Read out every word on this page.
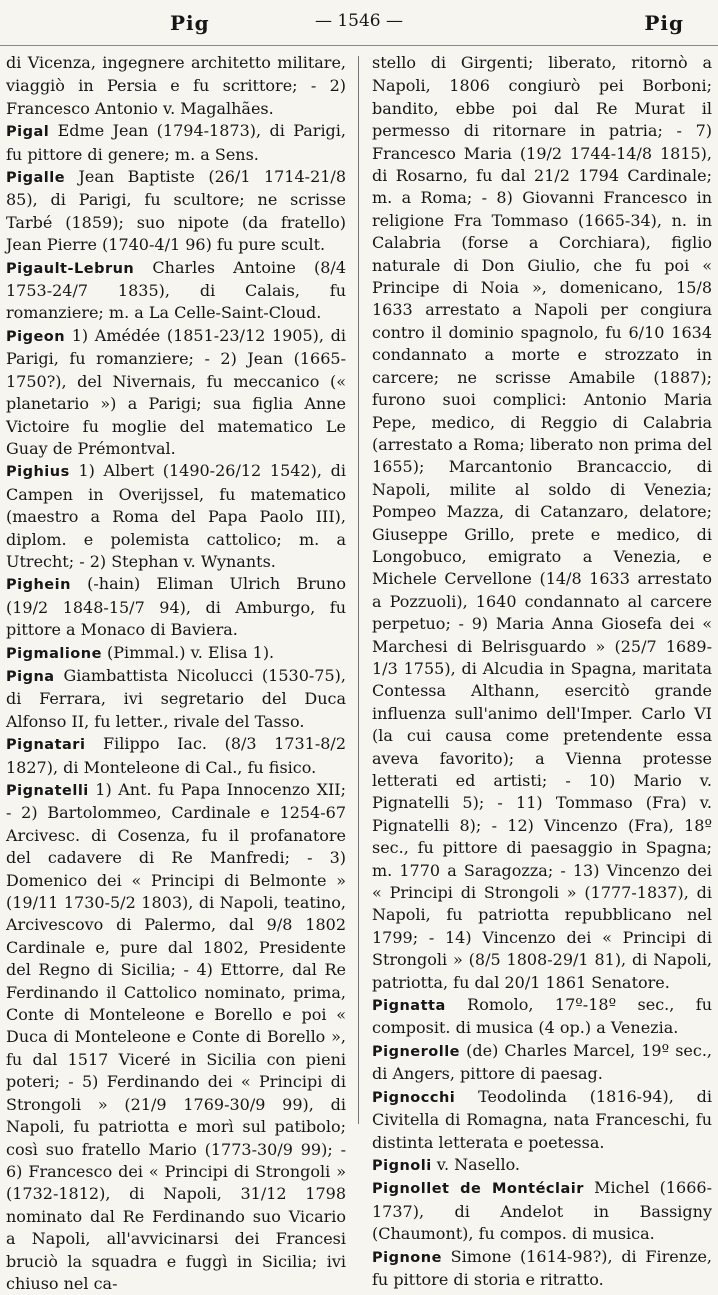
Pig	— 1546 —	Pig

di Vicenza, ingegnere architetto militare, viaggiò in Persia e fu scrittore; - 2) Francesco Antonio v. Magalhães.

Pigal Edme Jean (1794-1873), di Parigi, fu pittore di genere; m. a Sens.

Pigalle Jean Baptiste (26/1 1714-21/8 85), di Parigi, fu scultore; ne scrisse Tarbé (1859); suo nipote (da fratello) Jean Pierre (1740-4/1 96) fu pure scult.

Pigault-Lebrun Charles Antoine (8/4 1753-24/7 1835), di Calais, fu romanziere; m. a La Celle-Saint-Cloud.

Pigeon 1) Amédée (1851-23/12 1905), di Parigi, fu romanziere; - 2) Jean (1665-1750?), del Nivernais, fu meccanico (« planetario ») a Parigi; sua figlia Anne Victoire fu moglie del matematico Le Guay de Prémontval.

Pighius 1) Albert (1490-26/12 1542), di Campen in Overijssel, fu matematico (maestro a Roma del Papa Paolo III), diplom. e polemista cattolico; m. a Utrecht; - 2) Stephan v. Wynants.

Pighein (-hain) Eliman Ulrich Bruno (19/2 1848-15/7 94), di Amburgo, fu pittore a Monaco di Baviera.

Pigmalione (Pimmal.) v. Elisa 1).

Pigna Giambattista Nicolucci (1530-75), di Ferrara, ivi segretario del Duca Alfonso II, fu letter., rivale del Tasso.

Pignatari Filippo Iac. (8/3 1731-8/2 1827), di Monteleone di Cal., fu fisico.

Pignatelli 1) Ant. fu Papa Innocenzo XII; - 2) Bartolommeo, Cardinale e 1254-67 Arcivesc. di Cosenza, fu il profanatore del cadavere di Re Manfredi; - 3) Domenico dei « Principi di Belmonte » (19/11 1730-5/2 1803), di Napoli, teatino, Arcivescovo di Palermo, dal 9/8 1802 Cardinale e, pure dal 1802, Presidente del Regno di Sicilia; - 4) Ettorre, dal Re Ferdinando il Cattolico nominato, prima, Conte di Monteleone e Borello e poi « Duca di Monteleone e Conte di Borello », fu dal 1517 Viceré in Sicilia con pieni poteri; - 5) Ferdinando dei « Principi di Strongoli » (21/9 1769-30/9 99), di Napoli, fu patriotta e morì sul patibolo; così suo fratello Mario (1773-30/9 99); - 6) Francesco dei « Principi di Strongoli » (1732-1812), di Napoli, 31/12 1798 nominato dal Re Ferdinando suo Vicario a Napoli, all'avvicinarsi dei Francesi bruciò la squadra e fuggì in Sicilia; ivi chiuso nel ca-

stello di Girgenti; liberato, ritornò a Napoli, 1806 congiurò pei Borboni; bandito, ebbe poi dal Re Murat il permesso di ritornare in patria; - 7) Francesco Maria (19/2 1744-14/8 1815), di Rosarno, fu dal 21/2 1794 Cardinale; m. a Roma; - 8) Giovanni Francesco in religione Fra Tommaso (1665-34), n. in Calabria (forse a Corchiara), figlio naturale di Don Giulio, che fu poi « Principe di Noia », domenicano, 15/8 1633 arrestato a Napoli per congiura contro il dominio spagnolo, fu 6/10 1634 condannato a morte e strozzato in carcere; ne scrisse Amabile (1887); furono suoi complici: Antonio Maria Pepe, medico, di Reggio di Calabria (arrestato a Roma; liberato non prima del 1655); Marcantonio Brancaccio, di Napoli, milite al soldo di Venezia; Pompeo Mazza, di Catanzaro, delatore; Giuseppe Grillo, prete e medico, di Longobuco, emigrato a Venezia, e Michele Cervellone (14/8 1633 arrestato a Pozzuoli), 1640 condannato al carcere perpetuo; - 9) Maria Anna Giosefa dei « Marchesi di Belrisguardo » (25/7 1689-1/3 1755), di Alcudia in Spagna, maritata Contessa Althann, esercitò grande influenza sull'animo dell'Imper. Carlo VI (la cui causa come pretendente essa aveva favorito); a Vienna protesse letterati ed artisti; - 10) Mario v. Pignatelli 5); - 11) Tommaso (Fra) v. Pignatelli 8); - 12) Vincenzo (Fra), 18º sec., fu pittore di paesaggio in Spagna; m. 1770 a Saragozza; - 13) Vincenzo dei « Principi di Strongoli » (1777-1837), di Napoli, fu patriotta repubblicano nel 1799; - 14) Vincenzo dei « Principi di Strongoli » (8/5 1808-29/1 81), di Napoli, patriotta, fu dal 20/1 1861 Senatore.

Pignatta Romolo, 17º-18º sec., fu composit. di musica (4 op.) a Venezia.

Pignerolle (de) Charles Marcel, 19º sec., di Angers, pittore di paesag.

Pignocchi Teodolinda (1816-94), di Civitella di Romagna, nata Franceschi, fu distinta letterata e poetessa.

Pignoli v. Nasello.

Pignollet de Montéclair Michel (1666-1737), di Andelot in Bassigny (Chaumont), fu compos. di musica.

Pignone Simone (1614-98?), di Firenze, fu pittore di storia e ritratto.
